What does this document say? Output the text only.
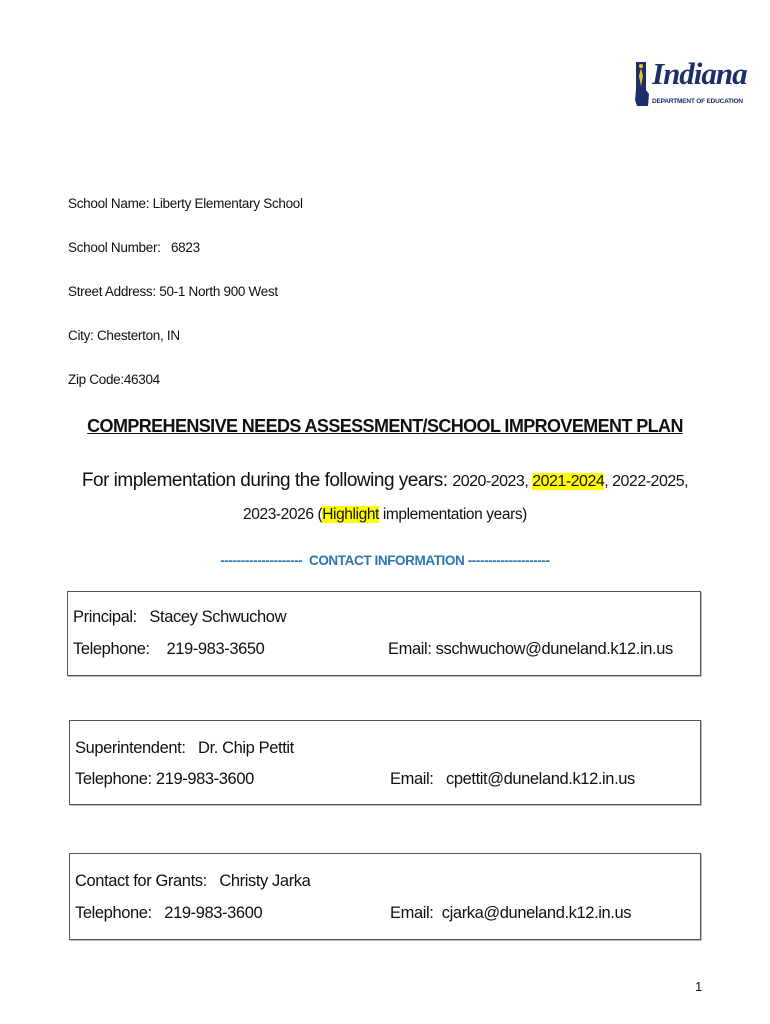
Indiana
DEPARTMENT OF EDUCATION
School Name: Liberty Elementary School
School Number:   6823
Street Address: 50-1 North 900 West
City: Chesterton, IN
Zip Code:46304
COMPREHENSIVE NEEDS ASSESSMENT/SCHOOL IMPROVEMENT PLAN
For implementation during the following years: 2020-2023, 2021-2024, 2022-2025,
2023-2026 (Highlight implementation years)
--------------------  CONTACT INFORMATION --------------------
Principal:   Stacey Schwuchow
Telephone:    219-983-3650	Email: sschwuchow@duneland.k12.in.us
Superintendent:   Dr. Chip Pettit
Telephone: 219-983-3600	Email:   cpettit@duneland.k12.in.us
Contact for Grants:   Christy Jarka
Telephone:   219-983-3600	Email:  cjarka@duneland.k12.in.us
1
